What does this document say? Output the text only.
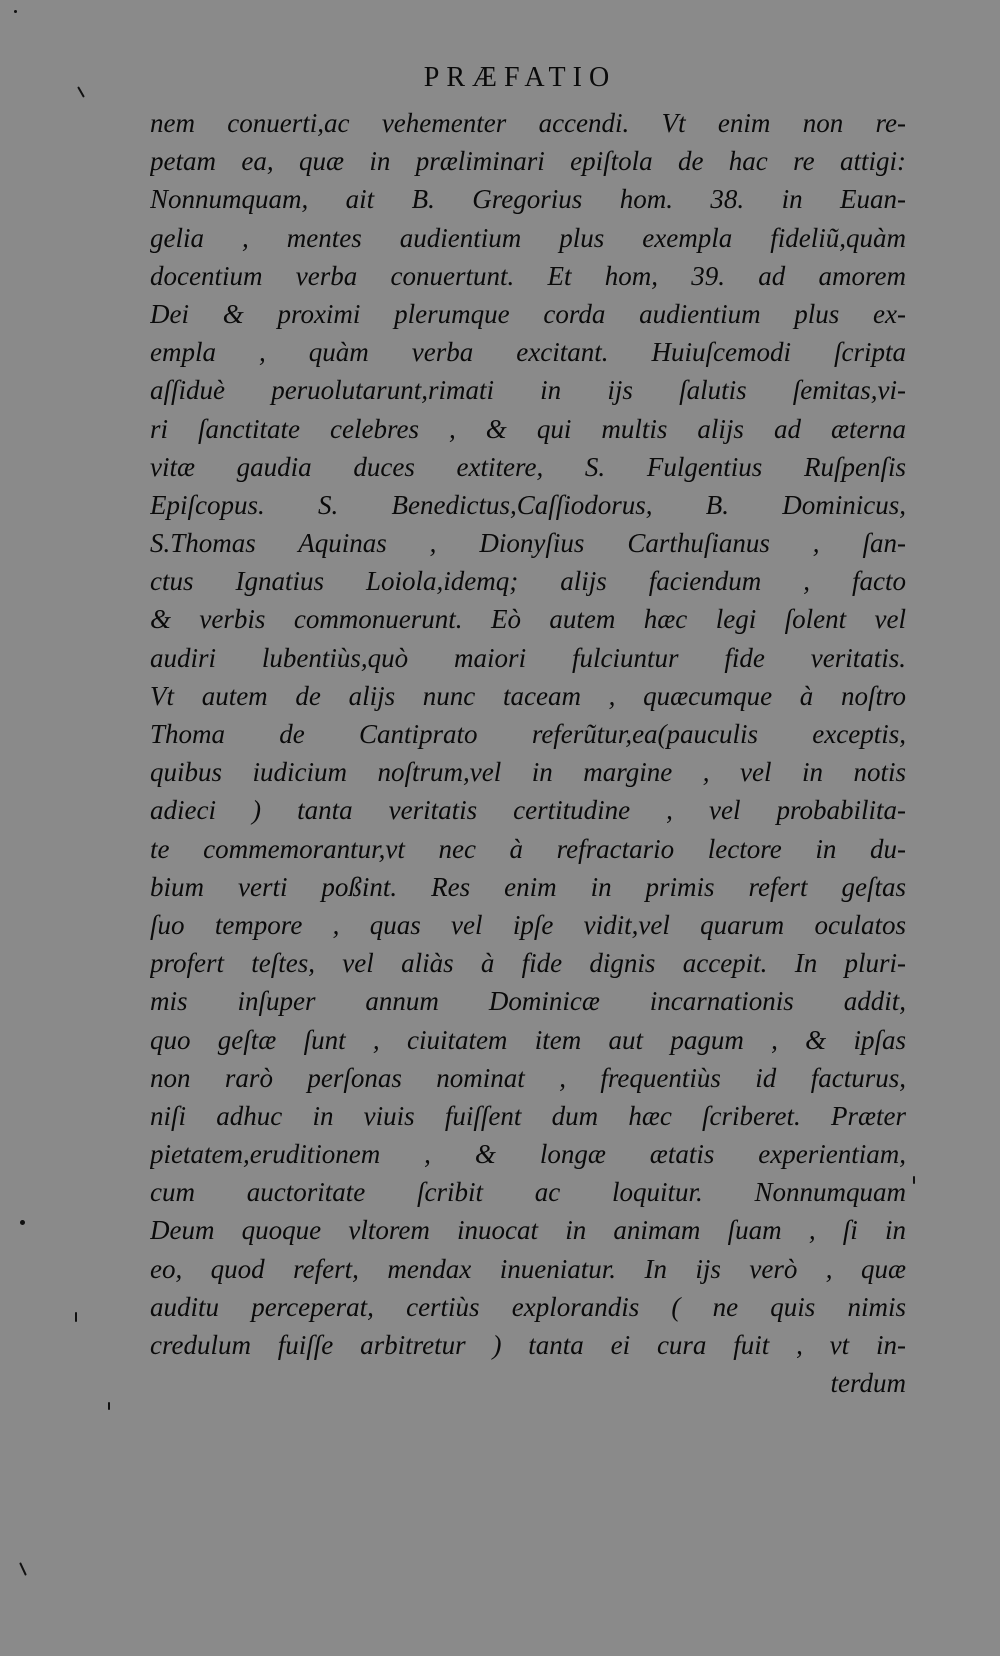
PRÆFATIO
nem conuerti,ac vehementer accendi. Vt enim non re-
petam ea, quæ in præliminari epiſtola de hac re attigi:
Nonnumquam, ait B. Gregorius hom. 38. in Euan-
gelia , mentes audientium plus exempla fideliũ,quàm
docentium verba conuertunt. Et hom, 39. ad amorem
Dei & proximi plerumque corda audientium plus ex-
empla , quàm verba excitant. Huiuſcemodi ſcripta
aſſiduè peruolutarunt,rimati in ijs ſalutis ſemitas,vi-
ri ſanctitate celebres , & qui multis alijs ad æterna
vitæ gaudia duces extitere, S. Fulgentius Ruſpenſis
Epiſcopus. S. Benedictus,Caſſiodorus, B. Dominicus,
S.Thomas Aquinas , Dionyſius Carthuſianus , ſan-
ctus Ignatius Loiola,idemq; alijs faciendum , facto
& verbis commonuerunt. Eò autem hæc legi ſolent vel
audiri lubentiùs,quò maiori fulciuntur fide veritatis.
Vt autem de alijs nunc taceam , quæcumque à noſtro
Thoma de Cantiprato referũtur,ea(pauculis exceptis,
quibus iudicium noſtrum,vel in margine , vel in notis
adieci ) tanta veritatis certitudine , vel probabilita-
te commemorantur,vt nec à refractario lectore in du-
bium verti poßint. Res enim in primis refert geſtas
ſuo tempore , quas vel ipſe vidit,vel quarum oculatos
profert teſtes, vel aliàs à fide dignis accepit. In pluri-
mis inſuper annum Dominicæ incarnationis addit,
quo geſtæ ſunt , ciuitatem item aut pagum , & ipſas
non rarò perſonas nominat , frequentiùs id facturus,
niſi adhuc in viuis fuiſſent dum hæc ſcriberet. Præter
pietatem,eruditionem , & longæ ætatis experientiam,
cum auctoritate ſcribit ac loquitur. Nonnumquam
Deum quoque vltorem inuocat in animam ſuam , ſi in
eo, quod refert, mendax inueniatur. In ijs verò , quæ
auditu perceperat, certiùs explorandis ( ne quis nimis
credulum fuiſſe arbitretur ) tanta ei cura fuit , vt in-
terdum
